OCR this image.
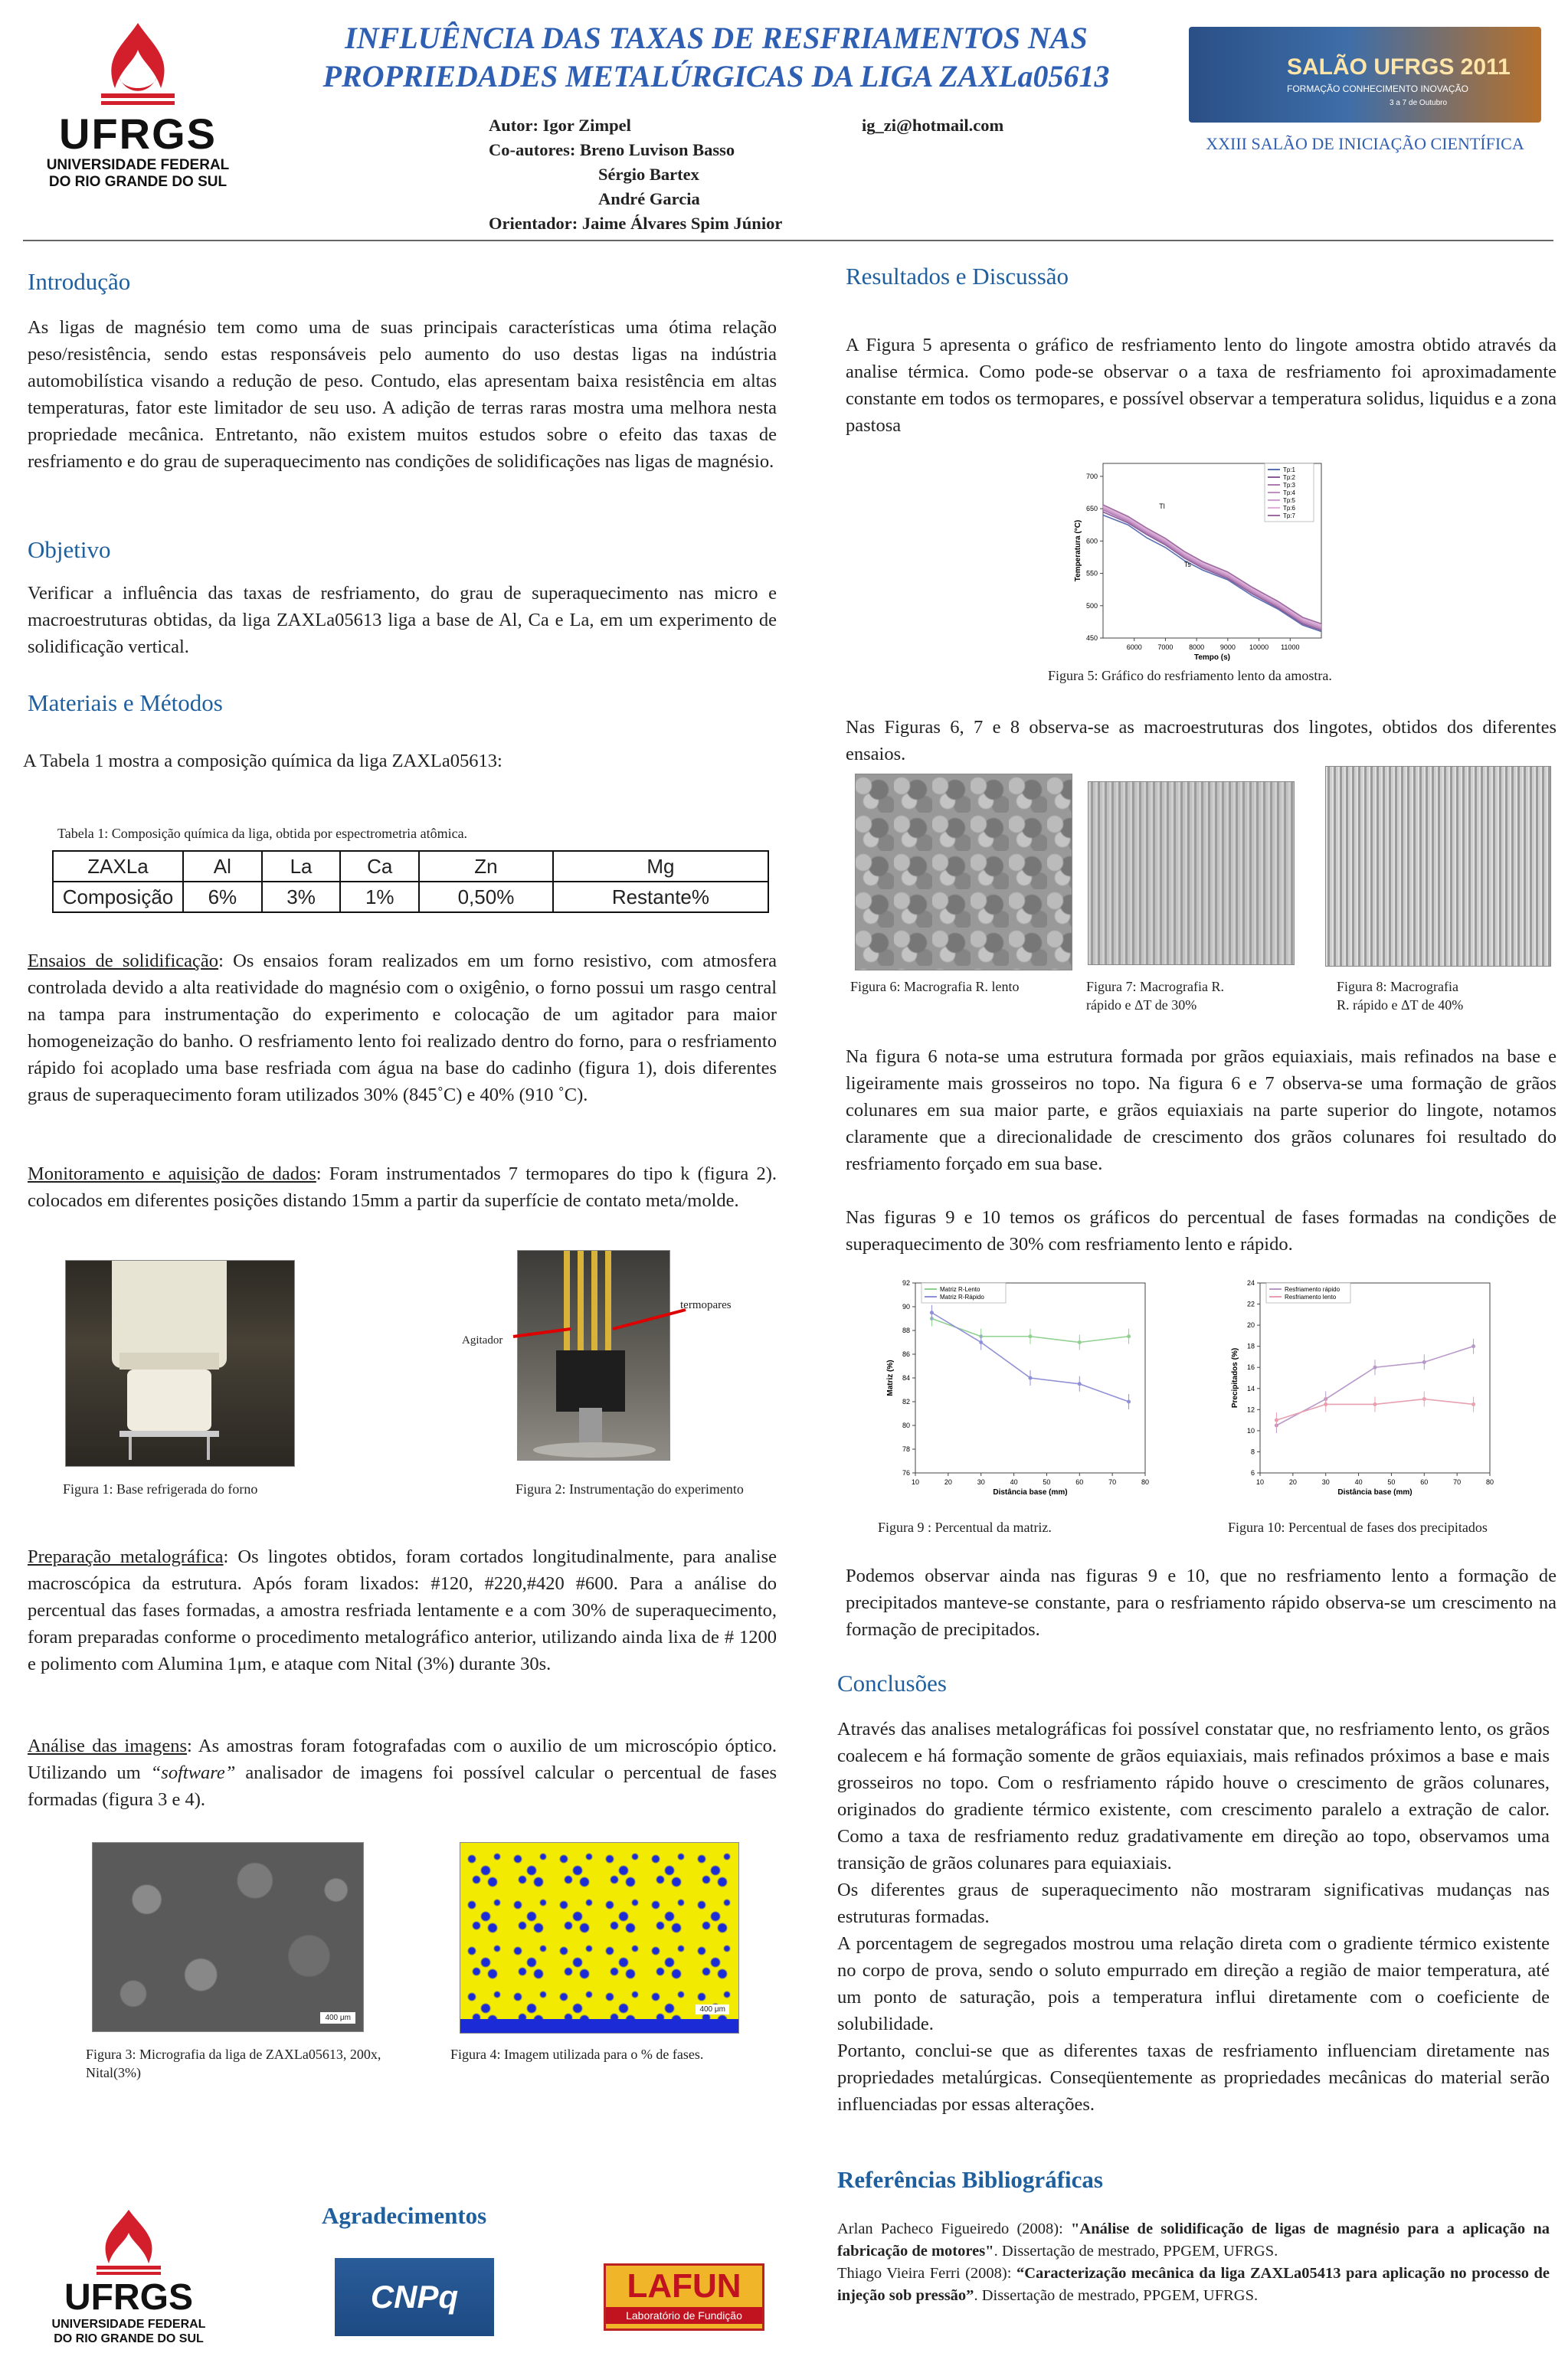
UFRGS
UNIVERSIDADE FEDERAL
DO RIO GRANDE DO SUL
INFLUÊNCIA DAS TAXAS DE RESFRIAMENTOS NAS
PROPRIEDADES METALÚRGICAS DA LIGA ZAXLa05613
Autor: Igor Zimpel	ig_zi@hotmail.com
Co-autores: Breno Luvison Basso
Sérgio Bartex
André Garcia
Orientador: Jaime Álvares Spim Júnior
SALÃO UFRGS 2011
FORMAÇÃO CONHECIMENTO INOVAÇÃO
3 a 7 de Outubro
XXIII SALÃO DE INICIAÇÃO CIENTÍFICA
Introdução
As ligas de magnésio tem como uma de suas principais características uma ótima relação peso/resistência, sendo estas responsáveis pelo aumento do uso destas ligas na indústria automobilística visando a redução de peso. Contudo, elas apresentam baixa resistência em altas temperaturas, fator este limitador de seu uso. A adição de terras raras mostra uma melhora nesta propriedade mecânica. Entretanto, não existem muitos estudos sobre o efeito das taxas de resfriamento e do grau de superaquecimento nas condições de solidificações nas ligas de magnésio.
Objetivo
Verificar a influência das taxas de resfriamento, do grau de superaquecimento nas micro e macroestruturas obtidas, da liga ZAXLa05613 liga a base de Al, Ca e La, em um experimento de solidificação vertical.
Materiais e Métodos
A Tabela 1 mostra a composição química da liga ZAXLa05613:
Tabela 1: Composição química da liga, obtida por espectrometria atômica.
ZAXLa	Al	La	Ca	Zn	Mg
Composição	6%	3%	1%	0,50%	Restante%
Ensaios de solidificação: Os ensaios foram realizados em um forno resistivo, com atmosfera controlada devido a alta reatividade do magnésio com o oxigênio, o forno possui um rasgo central na tampa para instrumentação do experimento e colocação de um agitador para maior homogeneização do banho. O resfriamento lento foi realizado dentro do forno, para o resfriamento rápido foi acoplado uma base resfriada com água na base do cadinho (figura 1), dois diferentes graus de superaquecimento foram utilizados 30% (845˚C) e 40% (910 ˚C).
Monitoramento e aquisição de dados: Foram instrumentados 7 termopares do tipo k (figura 2). colocados em diferentes posições distando 15mm a partir da superfície de contato meta/molde.
Figura 1: Base refrigerada do forno
Agitador
termopares
Figura 2: Instrumentação do experimento
Preparação metalográfica: Os lingotes obtidos, foram cortados longitudinalmente, para analise macroscópica da estrutura. Após foram lixados: #120, #220,#420 #600. Para a análise do percentual das fases formadas, a amostra resfriada lentamente e a com 30% de superaquecimento, foram preparadas conforme o procedimento metalográfico anterior, utilizando ainda lixa de # 1200 e polimento com Alumina 1μm, e ataque com Nital (3%) durante 30s.
Análise das imagens: As amostras foram fotografadas com o auxilio de um microscópio óptico. Utilizando um “software” analisador de imagens foi possível calcular o percentual de fases formadas (figura 3 e 4).
400 μm
Figura 3: Micrografia da liga de ZAXLa05613, 200x, Nital(3%)
400 μm
Figura 4: Imagem utilizada para o % de fases.
UFRGS
UNIVERSIDADE FEDERAL
DO RIO GRANDE DO SUL
Agradecimentos
CNPq	LAFUN
Laboratório de Fundição
Resultados e Discussão
A Figura 5 apresenta o gráfico de resfriamento lento do lingote amostra obtido através da analise térmica. Como pode-se observar o a taxa de resfriamento foi aproximadamente constante em todos os termopares, e possível observar a temperatura solidus, liquidus e a zona pastosa
6000 7000 8000 9000 10000 11000
450
500
550
600
650
700
Tempo (s)
Temperatura (°C)
Tp:1
Tp:2
Tp:3
Tp:4
Tp:5
Tp:6
Tp:7
Tl
Ts
Figura 5: Gráfico do resfriamento lento da amostra.
Nas Figuras 6, 7 e 8 observa-se as macroestruturas dos lingotes, obtidos dos diferentes ensaios.
Figura 6: Macrografia R. lento	Figura 7: Macrografia R.
rápido e ΔT de 30%
Figura 8: Macrografia
R. rápido e ΔT de 40%
Na figura 6 nota-se uma estrutura formada por grãos equiaxiais, mais refinados na base e ligeiramente mais grosseiros no topo. Na figura 6 e 7 observa-se uma formação de grãos colunares em sua maior parte, e grãos equiaxiais na parte superior do lingote, notamos claramente que a direcionalidade de crescimento dos grãos colunares foi resultado do resfriamento forçado em sua base.
Nas figuras 9 e 10 temos os gráficos do percentual de fases formadas na condições de superaquecimento de 30% com resfriamento lento e rápido.
10	20	30	40	50	60	70	80
76
78
80
82
84
86
88
90
92
Distância base (mm)
Matriz (%)
Matriz R-Lento
Matriz R-Rápido
10	20	30	40	50	60	70	80
6
8
10
12
14
16
18
20
22
24
Distância base (mm)
Precipitados (%)
Resfriamento rápido
Resfriamento lento
Figura 9 : Percentual da matriz.	Figura 10: Percentual de fases dos precipitados
Podemos observar ainda nas figuras 9 e 10, que no resfriamento lento a formação de precipitados manteve-se constante, para o resfriamento rápido observa-se um crescimento na formação de precipitados.
Conclusões
Através das analises metalográficas foi possível constatar que, no resfriamento lento, os grãos coalecem e há formação somente de grãos equiaxiais, mais refinados próximos a base e mais grosseiros no topo. Com o resfriamento rápido houve o crescimento de grãos colunares, originados do gradiente térmico existente, com crescimento paralelo a extração de calor. Como a taxa de resfriamento reduz gradativamente em direção ao topo, observamos uma transição de grãos colunares para equiaxiais.
Os diferentes graus de superaquecimento não mostraram significativas mudanças nas estruturas formadas.
A porcentagem de segregados mostrou uma relação direta com o gradiente térmico existente no corpo de prova, sendo o soluto empurrado em direção a região de maior temperatura, até um ponto de saturação, pois a temperatura influi diretamente com o coeficiente de solubilidade.
Portanto, conclui-se que as diferentes taxas de resfriamento influenciam diretamente nas propriedades metalúrgicas. Conseqüentemente as propriedades mecânicas do material serão influenciadas por essas alterações.
Referências Bibliográficas
Arlan Pacheco Figueiredo (2008): "Análise de solidificação de ligas de magnésio para a aplicação na fabricação de motores". Dissertação de mestrado, PPGEM, UFRGS.
Thiago Vieira Ferri (2008): “Caracterização mecânica da liga ZAXLa05413 para aplicação no processo de injeção sob pressão”. Dissertação de mestrado, PPGEM, UFRGS.
